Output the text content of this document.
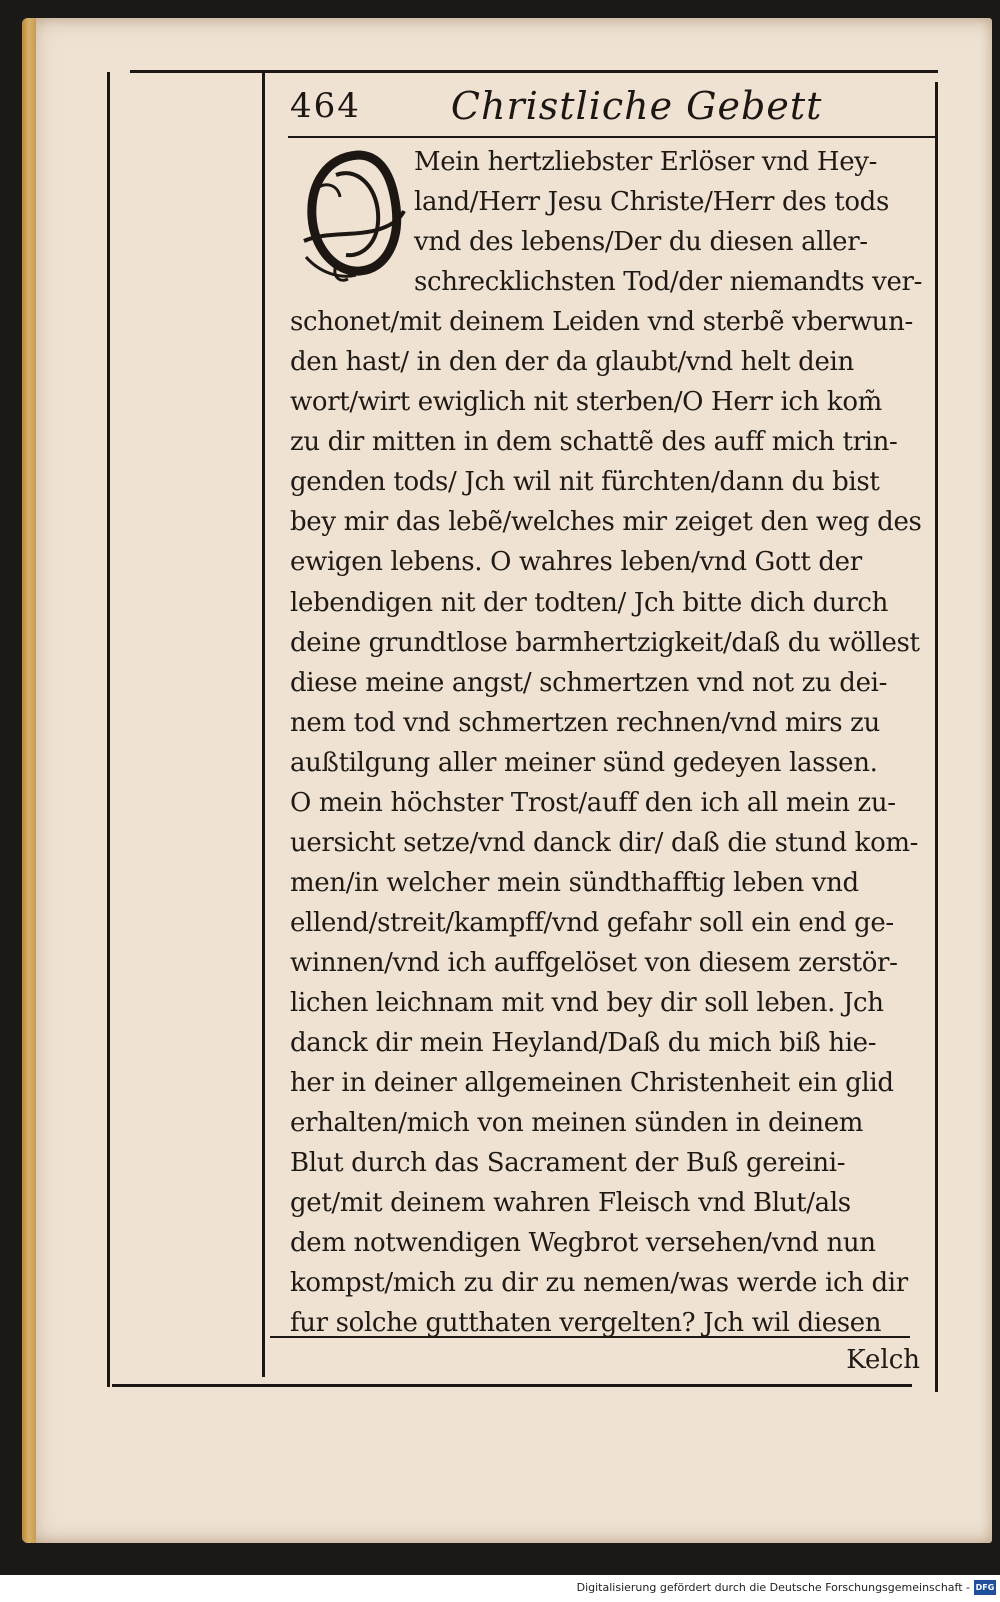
464 Christliche Gebett
Mein hertzliebster Erlöser vnd Hey-
land/Herr Jesu Christe/Herr des tods
vnd des lebens/Der du diesen aller-
schrecklichsten Tod/der niemandts ver-
schonet/mit deinem Leiden vnd sterbẽ vberwun-
den hast/ in den der da glaubt/vnd helt dein
wort/wirt ewiglich nit sterben/O Herr ich kom̃
zu dir mitten in dem schattẽ des auff mich trin-
genden tods/ Jch wil nit fürchten/dann du bist
bey mir das lebẽ/welches mir zeiget den weg des
ewigen lebens. O wahres leben/vnd Gott der
lebendigen nit der todten/ Jch bitte dich durch
deine grundtlose barmhertzigkeit/daß du wöllest
diese meine angst/ schmertzen vnd not zu dei-
nem tod vnd schmertzen rechnen/vnd mirs zu
außtilgung aller meiner sünd gedeyen lassen.
O mein höchster Trost/auff den ich all mein zu-
uersicht setze/vnd danck dir/ daß die stund kom-
men/in welcher mein sündthafftig leben vnd
ellend/streit/kampff/vnd gefahr soll ein end ge-
winnen/vnd ich auffgelöset von diesem zerstör-
lichen leichnam mit vnd bey dir soll leben. Jch
danck dir mein Heyland/Daß du mich biß hie-
her in deiner allgemeinen Christenheit ein glid
erhalten/mich von meinen sünden in deinem
Blut durch das Sacrament der Buß gereini-
get/mit deinem wahren Fleisch vnd Blut/als
dem notwendigen Wegbrot versehen/vnd nun
kompst/mich zu dir zu nemen/was werde ich dir
fur solche gutthaten vergelten? Jch wil diesen
Kelch
Digitalisierung gefördert durch die Deutsche Forschungsgemeinschaft - DFG
